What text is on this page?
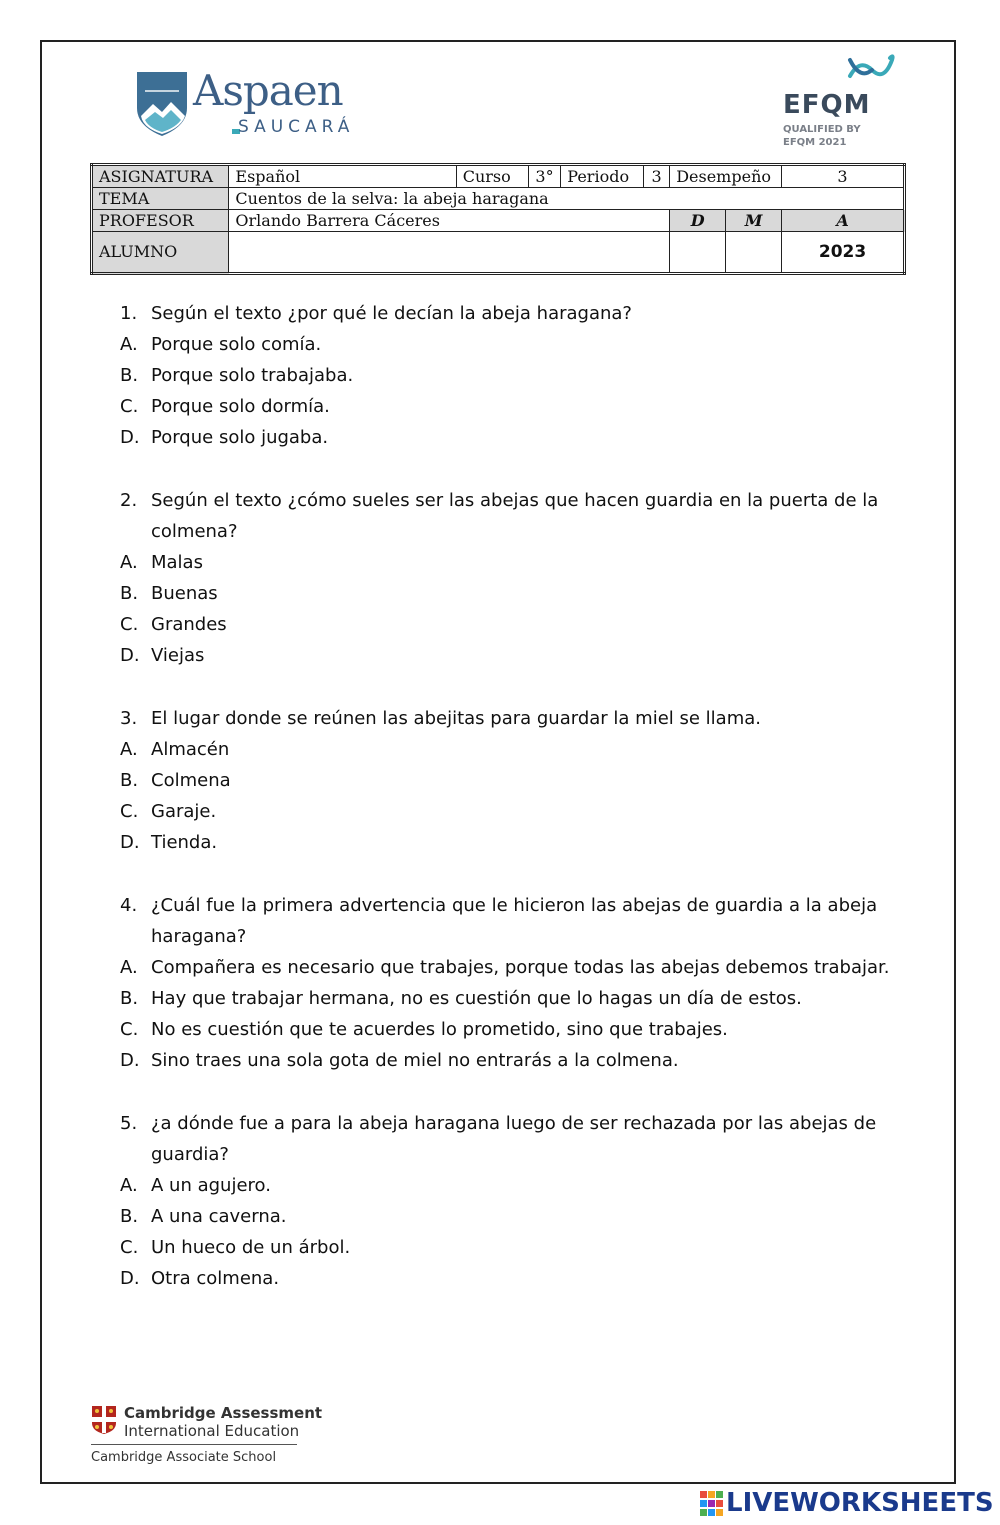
Aspaen
SAUCARÁ
EFQM
QUALIFIED BY
EFQM 2021
ASIGNATURA	Español	Curso	3°	Periodo	3	Desempeño		3
TEMA	Cuentos de la selva: la abeja haragana							
PROFESOR	Orlando Barrera Cáceres					D	M	A
ALUMNO								2023
1. Según el texto ¿por qué le decían la abeja haragana?
A. Porque solo comía.
B. Porque solo trabajaba.
C. Porque solo dormía.
D. Porque solo jugaba.
2. Según el texto ¿cómo sueles ser las abejas que hacen guardia en la puerta de la colmena?
A. Malas
B. Buenas
C. Grandes
D. Viejas
3. El lugar donde se reúnen las abejitas para guardar la miel se llama.
A. Almacén
B. Colmena
C. Garaje.
D. Tienda.
4. ¿Cuál fue la primera advertencia que le hicieron las abejas de guardia a la abeja haragana?
A. Compañera es necesario que trabajes, porque todas las abejas debemos trabajar.
B. Hay que trabajar hermana, no es cuestión que lo hagas un día de estos.
C. No es cuestión que te acuerdes lo prometido, sino que trabajes.
D. Sino traes una sola gota de miel no entrarás a la colmena.
5. ¿a dónde fue a para la abeja haragana luego de ser rechazada por las abejas de guardia?
A. A un agujero.
B. A una caverna.
C. Un hueco de un árbol.
D. Otra colmena.
Cambridge Assessment
International Education
Cambridge Associate School
LIVEWORKSHEETS
